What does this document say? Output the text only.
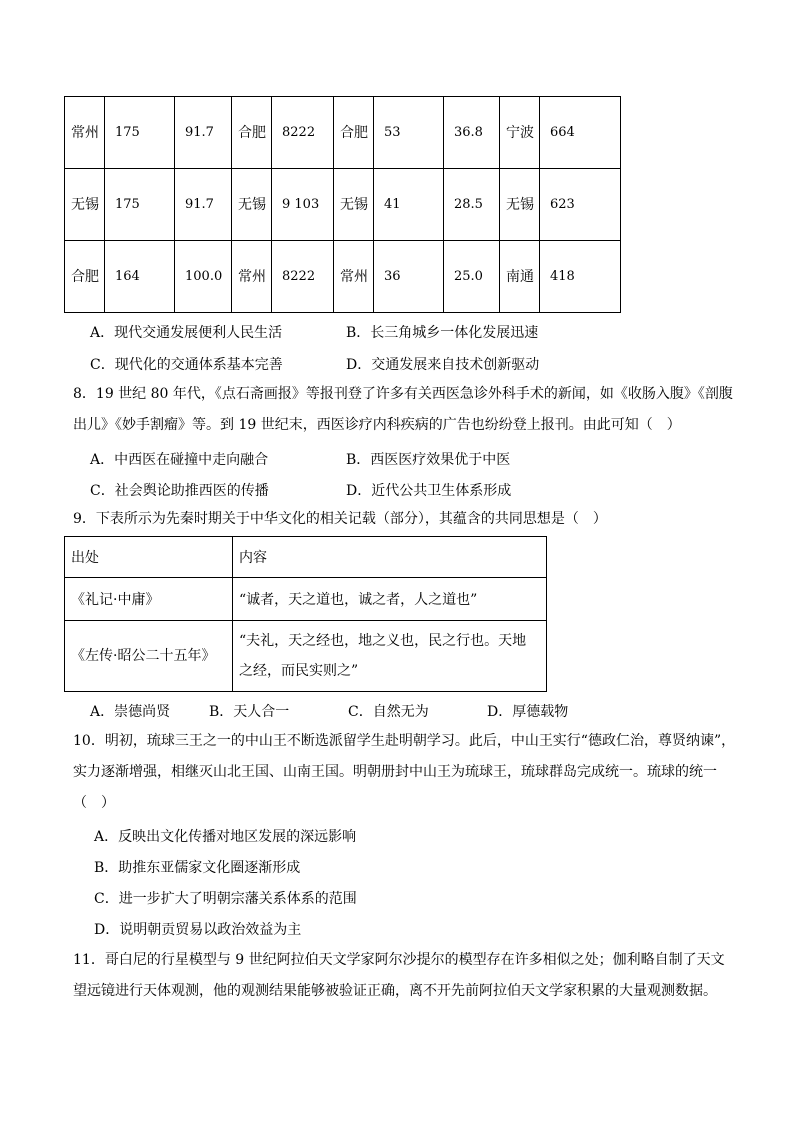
常州	175	91.7	合肥	8222	合肥	53	36.8	宁波	664
无锡	175	91.7	无锡	9 103	无锡	41	28.5	无锡	623
合肥	164	100.0	常州	8222	常州	36	25.0	南通	418
A．现代交通发展便利人民生活	B．长三角城乡一体化发展迅速
C．现代化的交通体系基本完善	D．交通发展来自技术创新驱动
8．19 世纪 80 年代，《点石斋画报》等报刊登了许多有关西医急诊外科手术的新闻，如《收肠入腹》《剖腹
出儿》《妙手割瘤》等。到 19 世纪末，西医诊疗内科疾病的广告也纷纷登上报刊。由此可知（　）
A．中西医在碰撞中走向融合	B．西医医疗效果优于中医
C．社会舆论助推西医的传播	D．近代公共卫生体系形成
9．下表所示为先秦时期关于中华文化的相关记载（部分），其蕴含的共同思想是（　）
出处	内容
《礼记·中庸》	“诚者，天之道也，诚之者，人之道也”
《左传·昭公二十五年》	“夫礼，天之经也，地之义也，民之行也。天地之经，而民实则之”
A．崇德尚贤	B．天人合一	C．自然无为	D．厚德载物
10．明初，琉球三王之一的中山王不断选派留学生赴明朝学习。此后，中山王实行“德政仁治，尊贤纳谏”，
实力逐渐增强，相继灭山北王国、山南王国。明朝册封中山王为琉球王，琉球群岛完成统一。琉球的统一
（　）
A．反映出文化传播对地区发展的深远影响
B．助推东亚儒家文化圈逐渐形成
C．进一步扩大了明朝宗藩关系体系的范围
D．说明朝贡贸易以政治效益为主
11．哥白尼的行星模型与 9 世纪阿拉伯天文学家阿尔沙提尔的模型存在许多相似之处；伽利略自制了天文
望远镜进行天体观测，他的观测结果能够被验证正确，离不开先前阿拉伯天文学家积累的大量观测数据。
